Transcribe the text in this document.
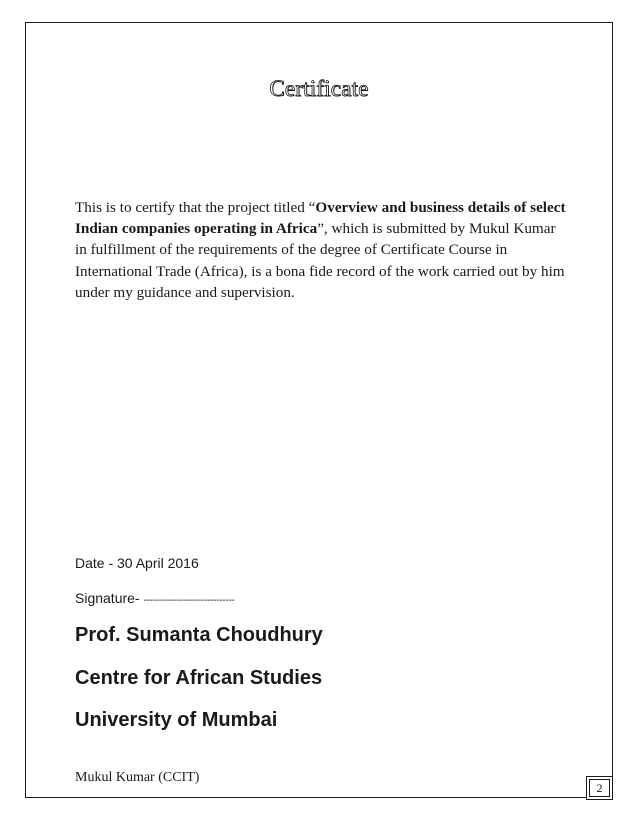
Certificate

This is to certify that the project titled “Overview and business details of select Indian companies operating in Africa”, which is submitted by Mukul Kumar in fulfillment of the requirements of the degree of Certificate Course in International Trade (Africa), is a bona fide record of the work carried out by him under my guidance and supervision.

Date - 30 April 2016
Signature- ------------------------------
Prof. Sumanta Choudhury
Centre for African Studies
University of Mumbai
Mukul Kumar (CCIT)
2
